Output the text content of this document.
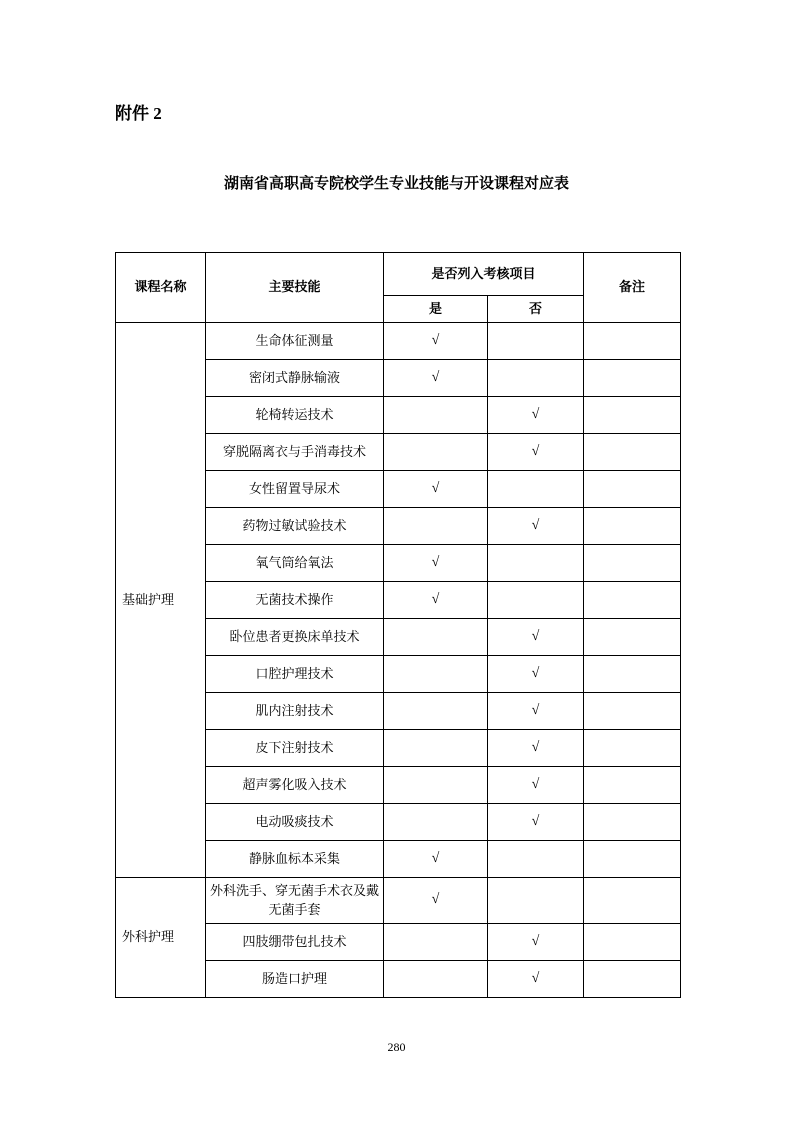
附件 2
湖南省高职高专院校学生专业技能与开设课程对应表
课程名称	主要技能	是否列入考核项目		备注
		是	否	
基础护理	生命体征测量	√		
	密闭式静脉输液	√		
	轮椅转运技术		√	
	穿脱隔离衣与手消毒技术		√	
	女性留置导尿术	√		
	药物过敏试验技术		√	
	氧气筒给氧法	√		
	无菌技术操作	√		
	卧位患者更换床单技术		√	
	口腔护理技术		√	
	肌内注射技术		√	
	皮下注射技术		√	
	超声雾化吸入技术		√	
	电动吸痰技术		√	
	静脉血标本采集	√		
外科护理	外科洗手、穿无菌手术衣及戴无菌手套	√		
	四肢绷带包扎技术		√	
	肠造口护理		√	
280
